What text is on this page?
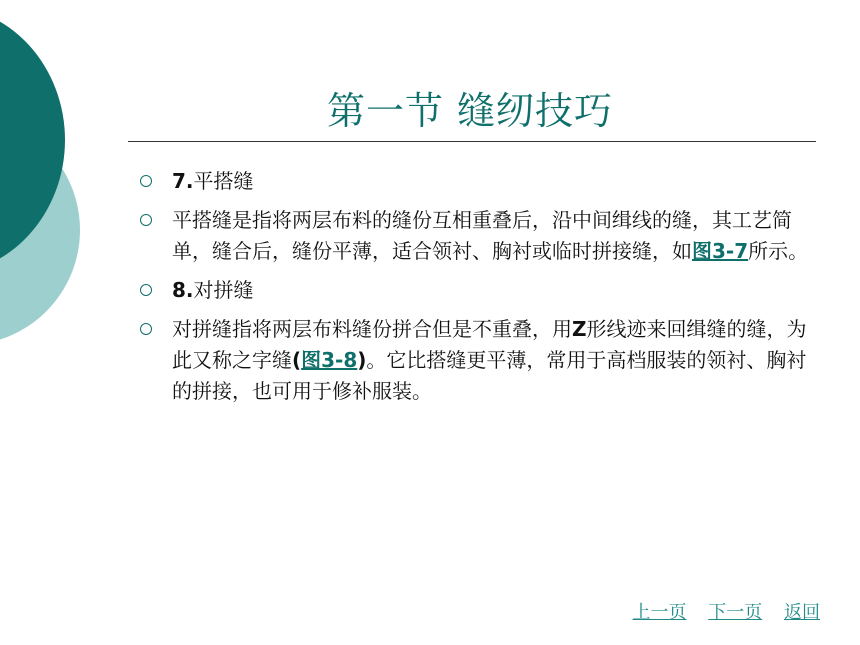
第一节 缝纫技巧
7.平搭缝
平搭缝是指将两层布料的缝份互相重叠后，沿中间缉线的缝，其工艺简单，缝合后，缝份平薄，适合领衬、胸衬或临时拼接缝，如图3-7所示。
8.对拼缝
对拼缝指将两层布料缝份拼合但是不重叠，用Z形线迹来回缉缝的缝，为此又称之字缝(图3-8)。它比搭缝更平薄，常用于高档服装的领衬、胸衬的拼接，也可用于修补服装。
上一页 下一页 返回
